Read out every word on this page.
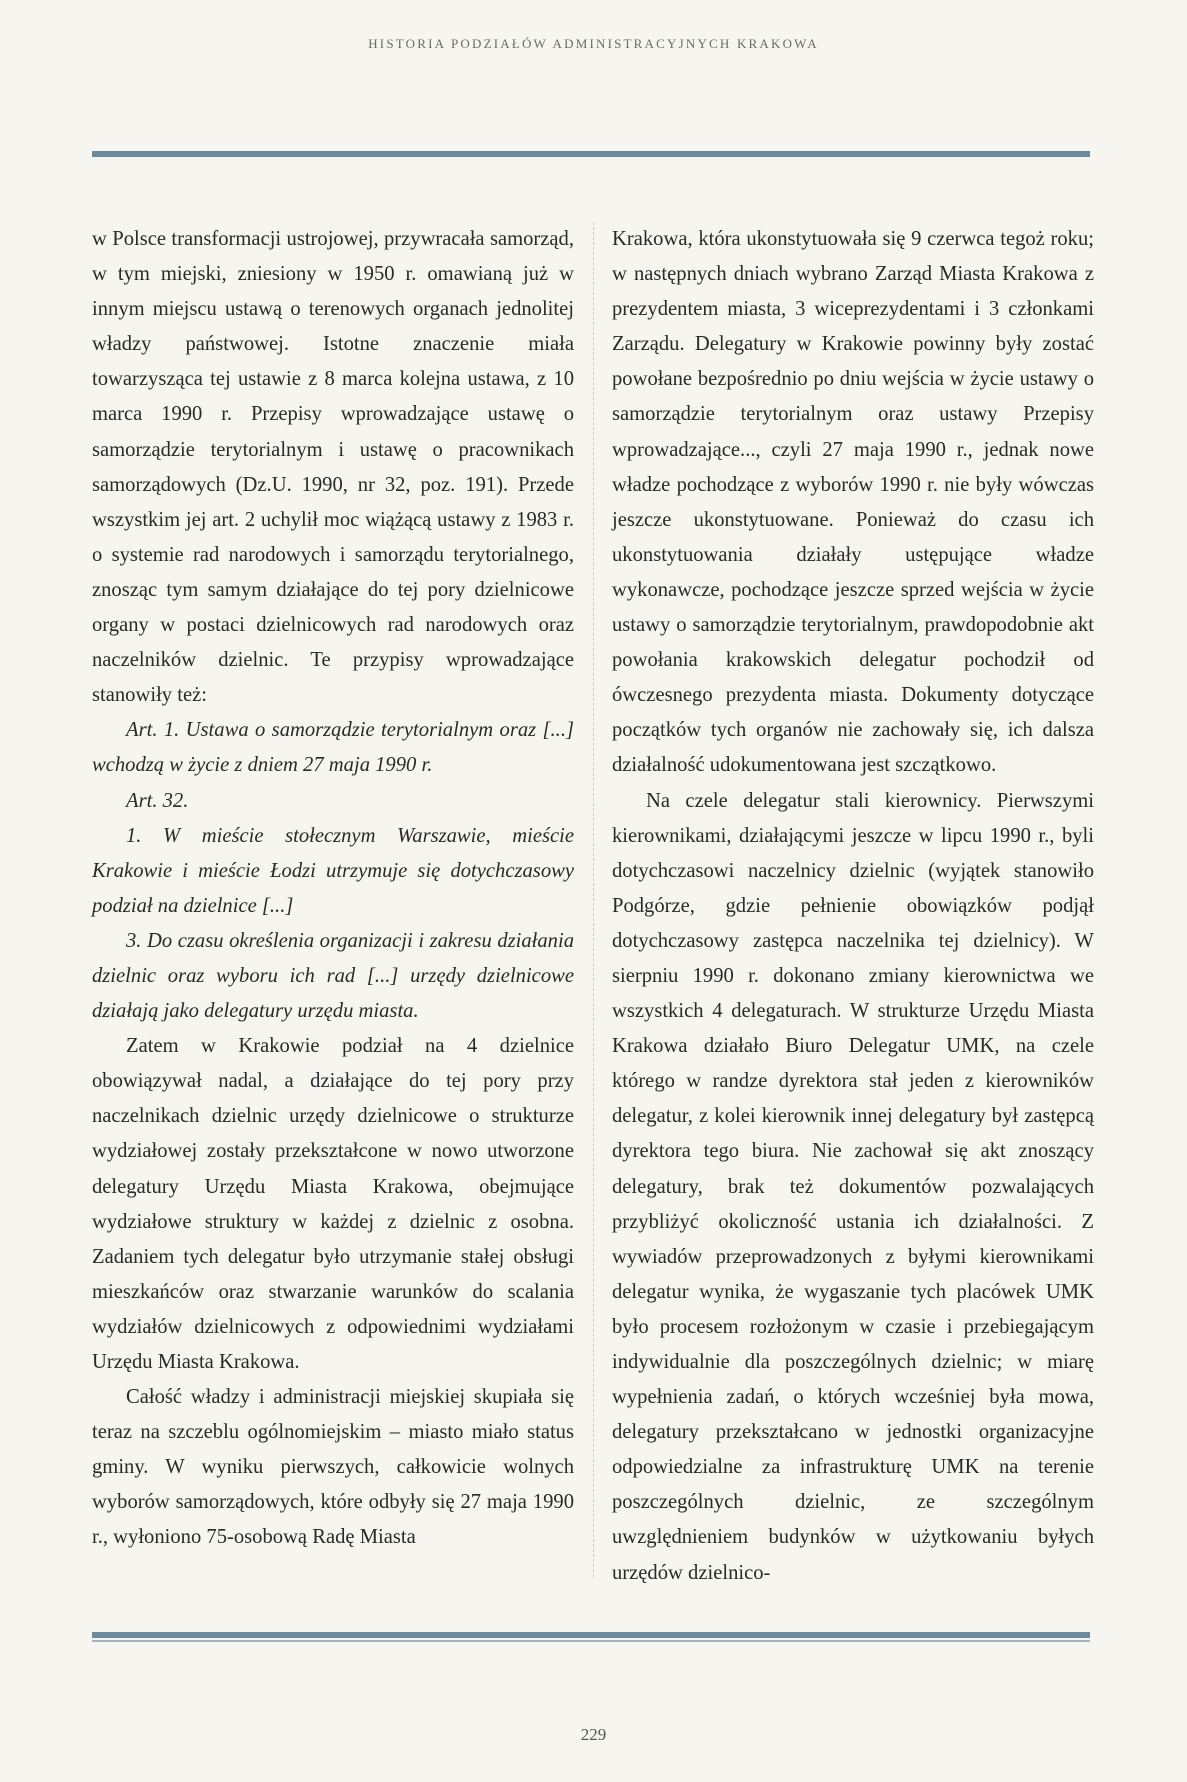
HISTORIA PODZIAŁÓW ADMINISTRACYJNYCH KRAKOWA

w Polsce transformacji ustrojowej, przywracała samorząd, w tym miejski, zniesiony w 1950 r. omawianą już w innym miejscu ustawą o terenowych organach jednolitej władzy państwowej. Istotne znaczenie miała towarzysząca tej ustawie z 8 marca kolejna ustawa, z 10 marca 1990 r. Przepisy wprowadzające ustawę o samorządzie terytorialnym i ustawę o pracownikach samorządowych (Dz.U. 1990, nr 32, poz. 191). Przede wszystkim jej art. 2 uchylił moc wiążącą ustawy z 1983 r. o systemie rad narodowych i samorządu terytorialnego, znosząc tym samym działające do tej pory dzielnicowe organy w postaci dzielnicowych rad narodowych oraz naczelników dzielnic. Te przypisy wprowadzające stanowiły też:

Art. 1. Ustawa o samorządzie terytorialnym oraz [...] wchodzą w życie z dniem 27 maja 1990 r.

Art. 32.

1. W mieście stołecznym Warszawie, mieście Krakowie i mieście Łodzi utrzymuje się dotychczasowy podział na dzielnice [...]

3. Do czasu określenia organizacji i zakresu działania dzielnic oraz wyboru ich rad [...] urzędy dzielnicowe działają jako delegatury urzędu miasta.

Zatem w Krakowie podział na 4 dzielnice obowiązywał nadal, a działające do tej pory przy naczelnikach dzielnic urzędy dzielnicowe o strukturze wydziałowej zostały przekształcone w nowo utworzone delegatury Urzędu Miasta Krakowa, obejmujące wydziałowe struktury w każdej z dzielnic z osobna. Zadaniem tych delegatur było utrzymanie stałej obsługi mieszkańców oraz stwarzanie warunków do scalania wydziałów dzielnicowych z odpowiednimi wydziałami Urzędu Miasta Krakowa.

Całość władzy i administracji miejskiej skupiała się teraz na szczeblu ogólnomiejskim – miasto miało status gminy. W wyniku pierwszych, całkowicie wolnych wyborów samorządowych, które odbyły się 27 maja 1990 r., wyłoniono 75-osobową Radę Miasta

Krakowa, która ukonstytuowała się 9 czerwca tegoż roku; w następnych dniach wybrano Zarząd Miasta Krakowa z prezydentem miasta, 3 wiceprezydentami i 3 członkami Zarządu. Delegatury w Krakowie powinny były zostać powołane bezpośrednio po dniu wejścia w życie ustawy o samorządzie terytorialnym oraz ustawy Przepisy wprowadzające..., czyli 27 maja 1990 r., jednak nowe władze pochodzące z wyborów 1990 r. nie były wówczas jeszcze ukonstytuowane. Ponieważ do czasu ich ukonstytuowania działały ustępujące władze wykonawcze, pochodzące jeszcze sprzed wejścia w życie ustawy o samorządzie terytorialnym, prawdopodobnie akt powołania krakowskich delegatur pochodził od ówczesnego prezydenta miasta. Dokumenty dotyczące początków tych organów nie zachowały się, ich dalsza działalność udokumentowana jest szczątkowo.

Na czele delegatur stali kierownicy. Pierwszymi kierownikami, działającymi jeszcze w lipcu 1990 r., byli dotychczasowi naczelnicy dzielnic (wyjątek stanowiło Podgórze, gdzie pełnienie obowiązków podjął dotychczasowy zastępca naczelnika tej dzielnicy). W sierpniu 1990 r. dokonano zmiany kierownictwa we wszystkich 4 delegaturach. W strukturze Urzędu Miasta Krakowa działało Biuro Delegatur UMK, na czele którego w randze dyrektora stał jeden z kierowników delegatur, z kolei kierownik innej delegatury był zastępcą dyrektora tego biura. Nie zachował się akt znoszący delegatury, brak też dokumentów pozwalających przybliżyć okoliczność ustania ich działalności. Z wywiadów przeprowadzonych z byłymi kierownikami delegatur wynika, że wygaszanie tych placówek UMK było procesem rozłożonym w czasie i przebiegającym indywidualnie dla poszczególnych dzielnic; w miarę wypełnienia zadań, o których wcześniej była mowa, delegatury przekształcano w jednostki organizacyjne odpowiedzialne za infrastrukturę UMK na terenie poszczególnych dzielnic, ze szczególnym uwzględnieniem budynków w użytkowaniu byłych urzędów dzielnico-

229
